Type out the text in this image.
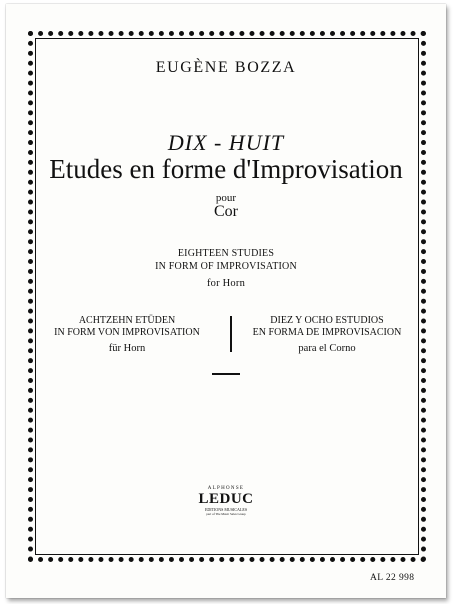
EUGÈNE BOZZA
DIX - HUIT
Etudes en forme d'Improvisation
pour
Cor
EIGHTEEN STUDIES
IN FORM OF IMPROVISATION
for Horn
ACHTZEHN ETÜDEN
IN FORM VON IMPROVISATION
für Horn
DIEZ Y OCHO ESTUDIOS
EN FORMA DE IMPROVISACION
para el Corno
ALPHONSE
LEDUC
EDITIONS MUSICALES
part of The Music Sales Group
AL 22 998
